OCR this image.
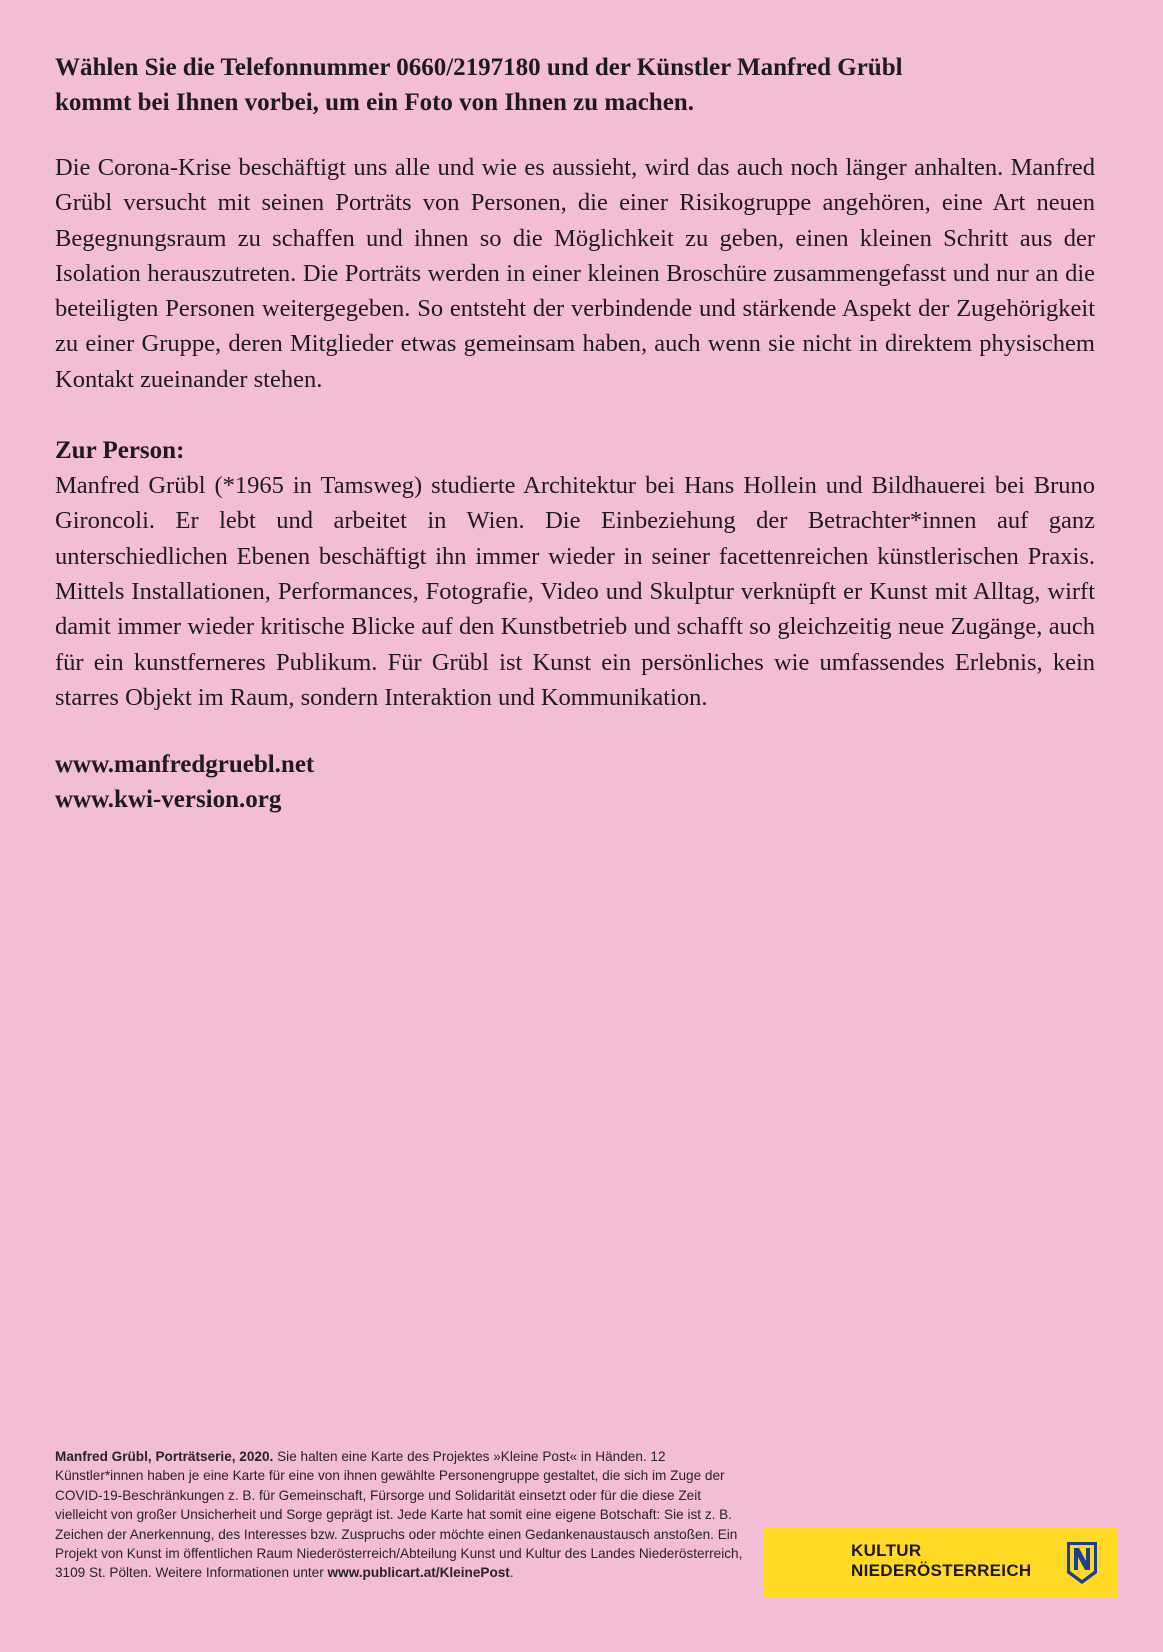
Wählen Sie die Telefonnummer 0660/2197180 und der Künstler Manfred Grübl
kommt bei Ihnen vorbei, um ein Foto von Ihnen zu machen.

Die Corona-Krise beschäftigt uns alle und wie es aussieht, wird das auch noch länger anhalten. Manfred Grübl versucht mit seinen Porträts von Personen, die einer Risikogruppe angehören, eine Art neuen Begegnungsraum zu schaffen und ihnen so die Möglichkeit zu geben, einen kleinen Schritt aus der Isolation herauszutreten. Die Porträts werden in einer kleinen Broschüre zusammengefasst und nur an die beteiligten Personen weitergegeben. So entsteht der verbindende und stärkende Aspekt der Zugehörigkeit zu einer Gruppe, deren Mitglieder etwas gemeinsam haben, auch wenn sie nicht in direktem physischem Kontakt zueinander stehen.

Zur Person:

Manfred Grübl (*1965 in Tamsweg) studierte Architektur bei Hans Hollein und Bildhauerei bei Bruno Gironcoli. Er lebt und arbeitet in Wien. Die Einbeziehung der Betrachter*innen auf ganz unterschiedlichen Ebenen beschäftigt ihn immer wieder in seiner facettenreichen künstlerischen Praxis. Mittels Installationen, Performances, Fotografie, Video und Skulptur verknüpft er Kunst mit Alltag, wirft damit immer wieder kritische Blicke auf den Kunstbetrieb und schafft so gleichzeitig neue Zugänge, auch für ein kunstferneres Publikum. Für Grübl ist Kunst ein persönliches wie umfassendes Erlebnis, kein starres Objekt im Raum, sondern Interaktion und Kommunikation.

www.manfredgruebl.net
www.kwi-version.org
Manfred Grübl, Porträtserie, 2020. Sie halten eine Karte des Projektes »Kleine Post« in Händen. 12 Künstler*innen haben je eine Karte für eine von ihnen gewählte Personengruppe gestaltet, die sich im Zuge der COVID-19-Beschränkungen z. B. für Gemeinschaft, Fürsorge und Solidarität einsetzt oder für die diese Zeit vielleicht von großer Unsicherheit und Sorge geprägt ist. Jede Karte hat somit eine eigene Botschaft: Sie ist z. B. Zeichen der Anerkennung, des Interesses bzw. Zuspruchs oder möchte einen Gedankenaustausch anstoßen. Ein Projekt von Kunst im öffentlichen Raum Niederösterreich/Abteilung Kunst und Kultur des Landes Niederösterreich, 3109 St. Pölten. Weitere Informationen unter www.publicart.at/KleinePost.
KULTUR
NIEDERÖSTERREICH
